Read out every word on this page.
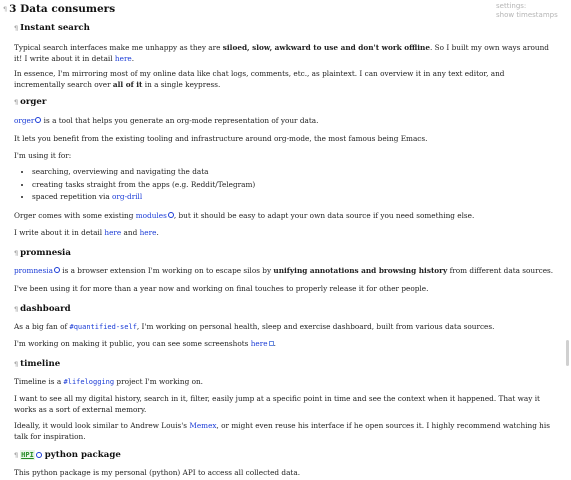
¶ 3 Data consumers	settings:
show timestamps
¶ Instant search

Typical search interfaces make me unhappy as they are siloed, slow, awkward to use and don't work offline. So I built my own ways around it! I write about it in detail here.

In essence, I'm mirroring most of my online data like chat logs, comments, etc., as plaintext. I can overview it in any text editor, and incrementally search over all of it in a single keypress.

¶ orger

orger is a tool that helps you generate an org-mode representation of your data.

It lets you benefit from the existing tooling and infrastructure around org-mode, the most famous being Emacs.

I'm using it for:

• searching, overviewing and navigating the data
• creating tasks straight from the apps (e.g. Reddit/Telegram)
• spaced repetition via org-drill

Orger comes with some existing modules , but it should be easy to adapt your own data source if you need something else.

I write about it in detail here and here.

¶ promnesia

promnesia is a browser extension I'm working on to escape silos by unifying annotations and browsing history from different data sources.

I've been using it for more than a year now and working on final touches to properly release it for other people.

¶ dashboard

As a big fan of #quantified-self, I'm working on personal health, sleep and exercise dashboard, built from various data sources.

I'm working on making it public, you can see some screenshots here .

¶ timeline

Timeline is a #lifelogging project I'm working on.

I want to see all my digital history, search in it, filter, easily jump at a specific point in time and see the context when it happened. That way it works as a sort of external memory.

Ideally, it would look similar to Andrew Louis's Memex, or might even reuse his interface if he open sources it. I highly recommend watching his talk for inspiration.

¶ HPI python package

This python package is my personal (python) API to access all collected data.
